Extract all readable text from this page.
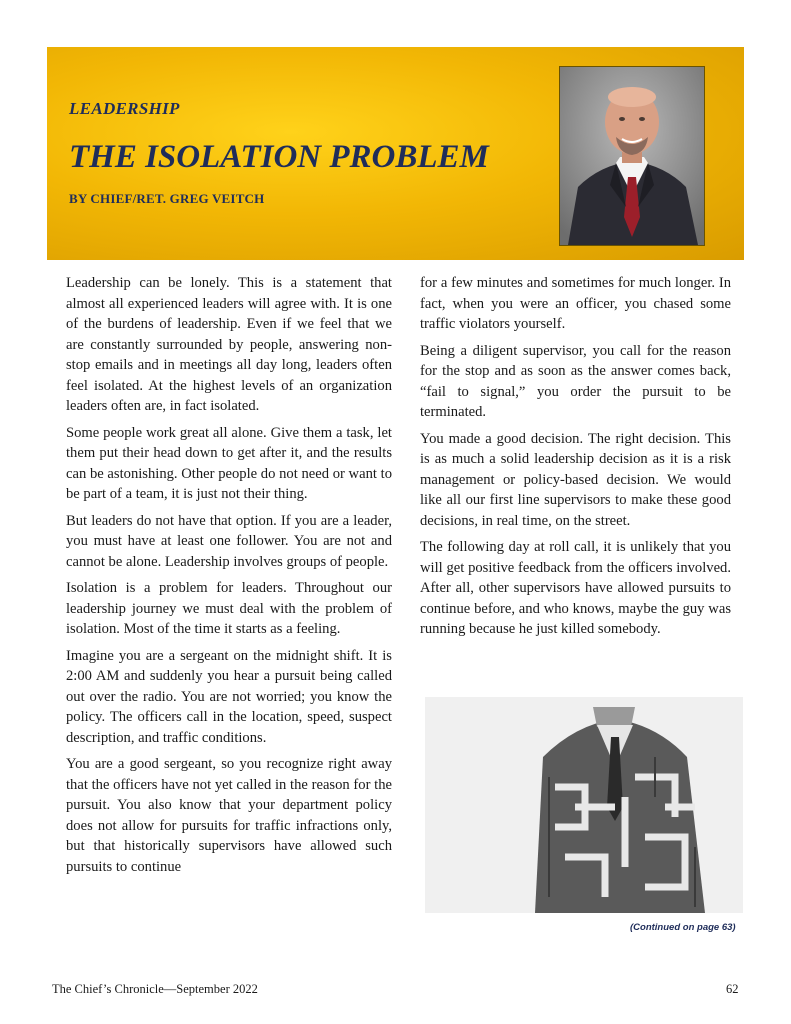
LEADERSHIP
THE ISOLATION PROBLEM
BY CHIEF/RET. GREG VEITCH

Leadership can be lonely. This is a statement that almost all experienced leaders will agree with. It is one of the burdens of leadership. Even if we feel that we are constantly surrounded by people, answering non-stop emails and in meetings all day long, leaders often feel isolated. At the highest levels of an organization leaders often are, in fact isolated.

Some people work great all alone. Give them a task, let them put their head down to get after it, and the results can be astonishing. Other people do not need or want to be part of a team, it is just not their thing.

But leaders do not have that option. If you are a leader, you must have at least one follower. You are not and cannot be alone. Leadership involves groups of people.

Isolation is a problem for leaders. Throughout our leadership journey we must deal with the problem of isolation. Most of the time it starts as a feeling.

Imagine you are a sergeant on the midnight shift. It is 2:00 AM and suddenly you hear a pursuit being called out over the radio. You are not worried; you know the policy. The officers call in the location, speed, suspect description, and traffic conditions.

You are a good sergeant, so you recognize right away that the officers have not yet called in the reason for the pursuit. You also know that your department policy does not allow for pursuits for traffic infractions only, but that historically supervisors have allowed such pursuits to continue

for a few minutes and sometimes for much longer. In fact, when you were an officer, you chased some traffic violators yourself.

Being a diligent supervisor, you call for the reason for the stop and as soon as the answer comes back, “fail to signal,” you order the pursuit to be terminated.

You made a good decision. The right decision. This is as much a solid leadership decision as it is a risk management or policy-based decision. We would like all our first line supervisors to make these good decisions, in real time, on the street.

The following day at roll call, it is unlikely that you will get positive feedback from the officers involved. After all, other supervisors have allowed pursuits to continue before, and who knows, maybe the guy was running because he just killed somebody.

(Continued on page 63)
The Chief’s Chronicle—September 2022	62
